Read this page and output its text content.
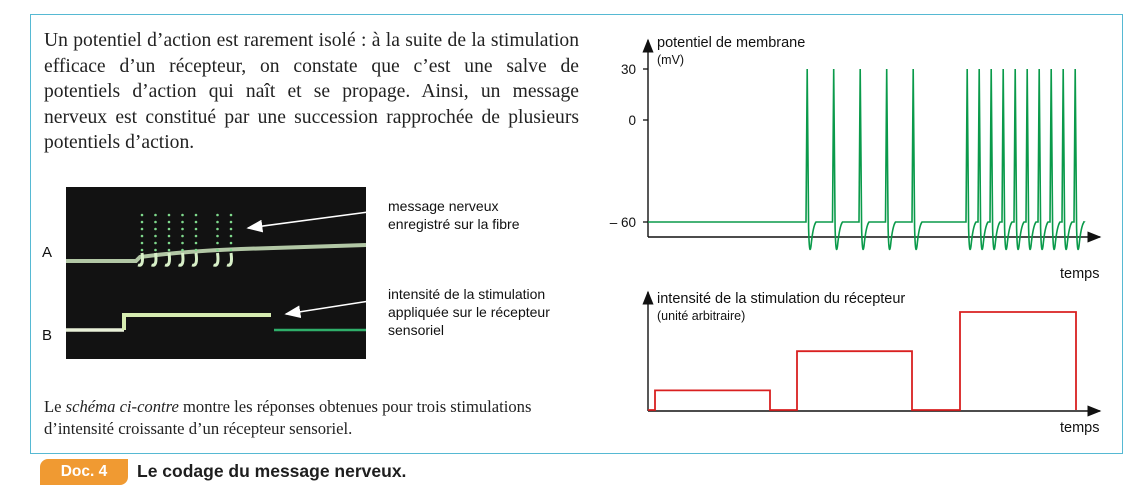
Un potentiel d’action est rarement isolé : à la suite de la stimulation efficace d’un récepteur, on constate que c’est une salve de potentiels d’action qui naît et se propage. Ainsi, un message nerveux est constitué par une succession rapprochée de plusieurs potentiels d’action.

A
B
message nerveux
enregistré sur la fibre
intensité de la stimulation
appliquée sur le récepteur
sensoriel

Le schéma ci-contre montre les réponses obtenues pour trois stimulations d’intensité croissante d’un récepteur sensoriel.

potentiel de membrane
(mV)
temps
30
0
– 60
intensité de la stimulation du récepteur
(unité arbitraire)
temps
Doc. 4	Le codage du message nerveux.
